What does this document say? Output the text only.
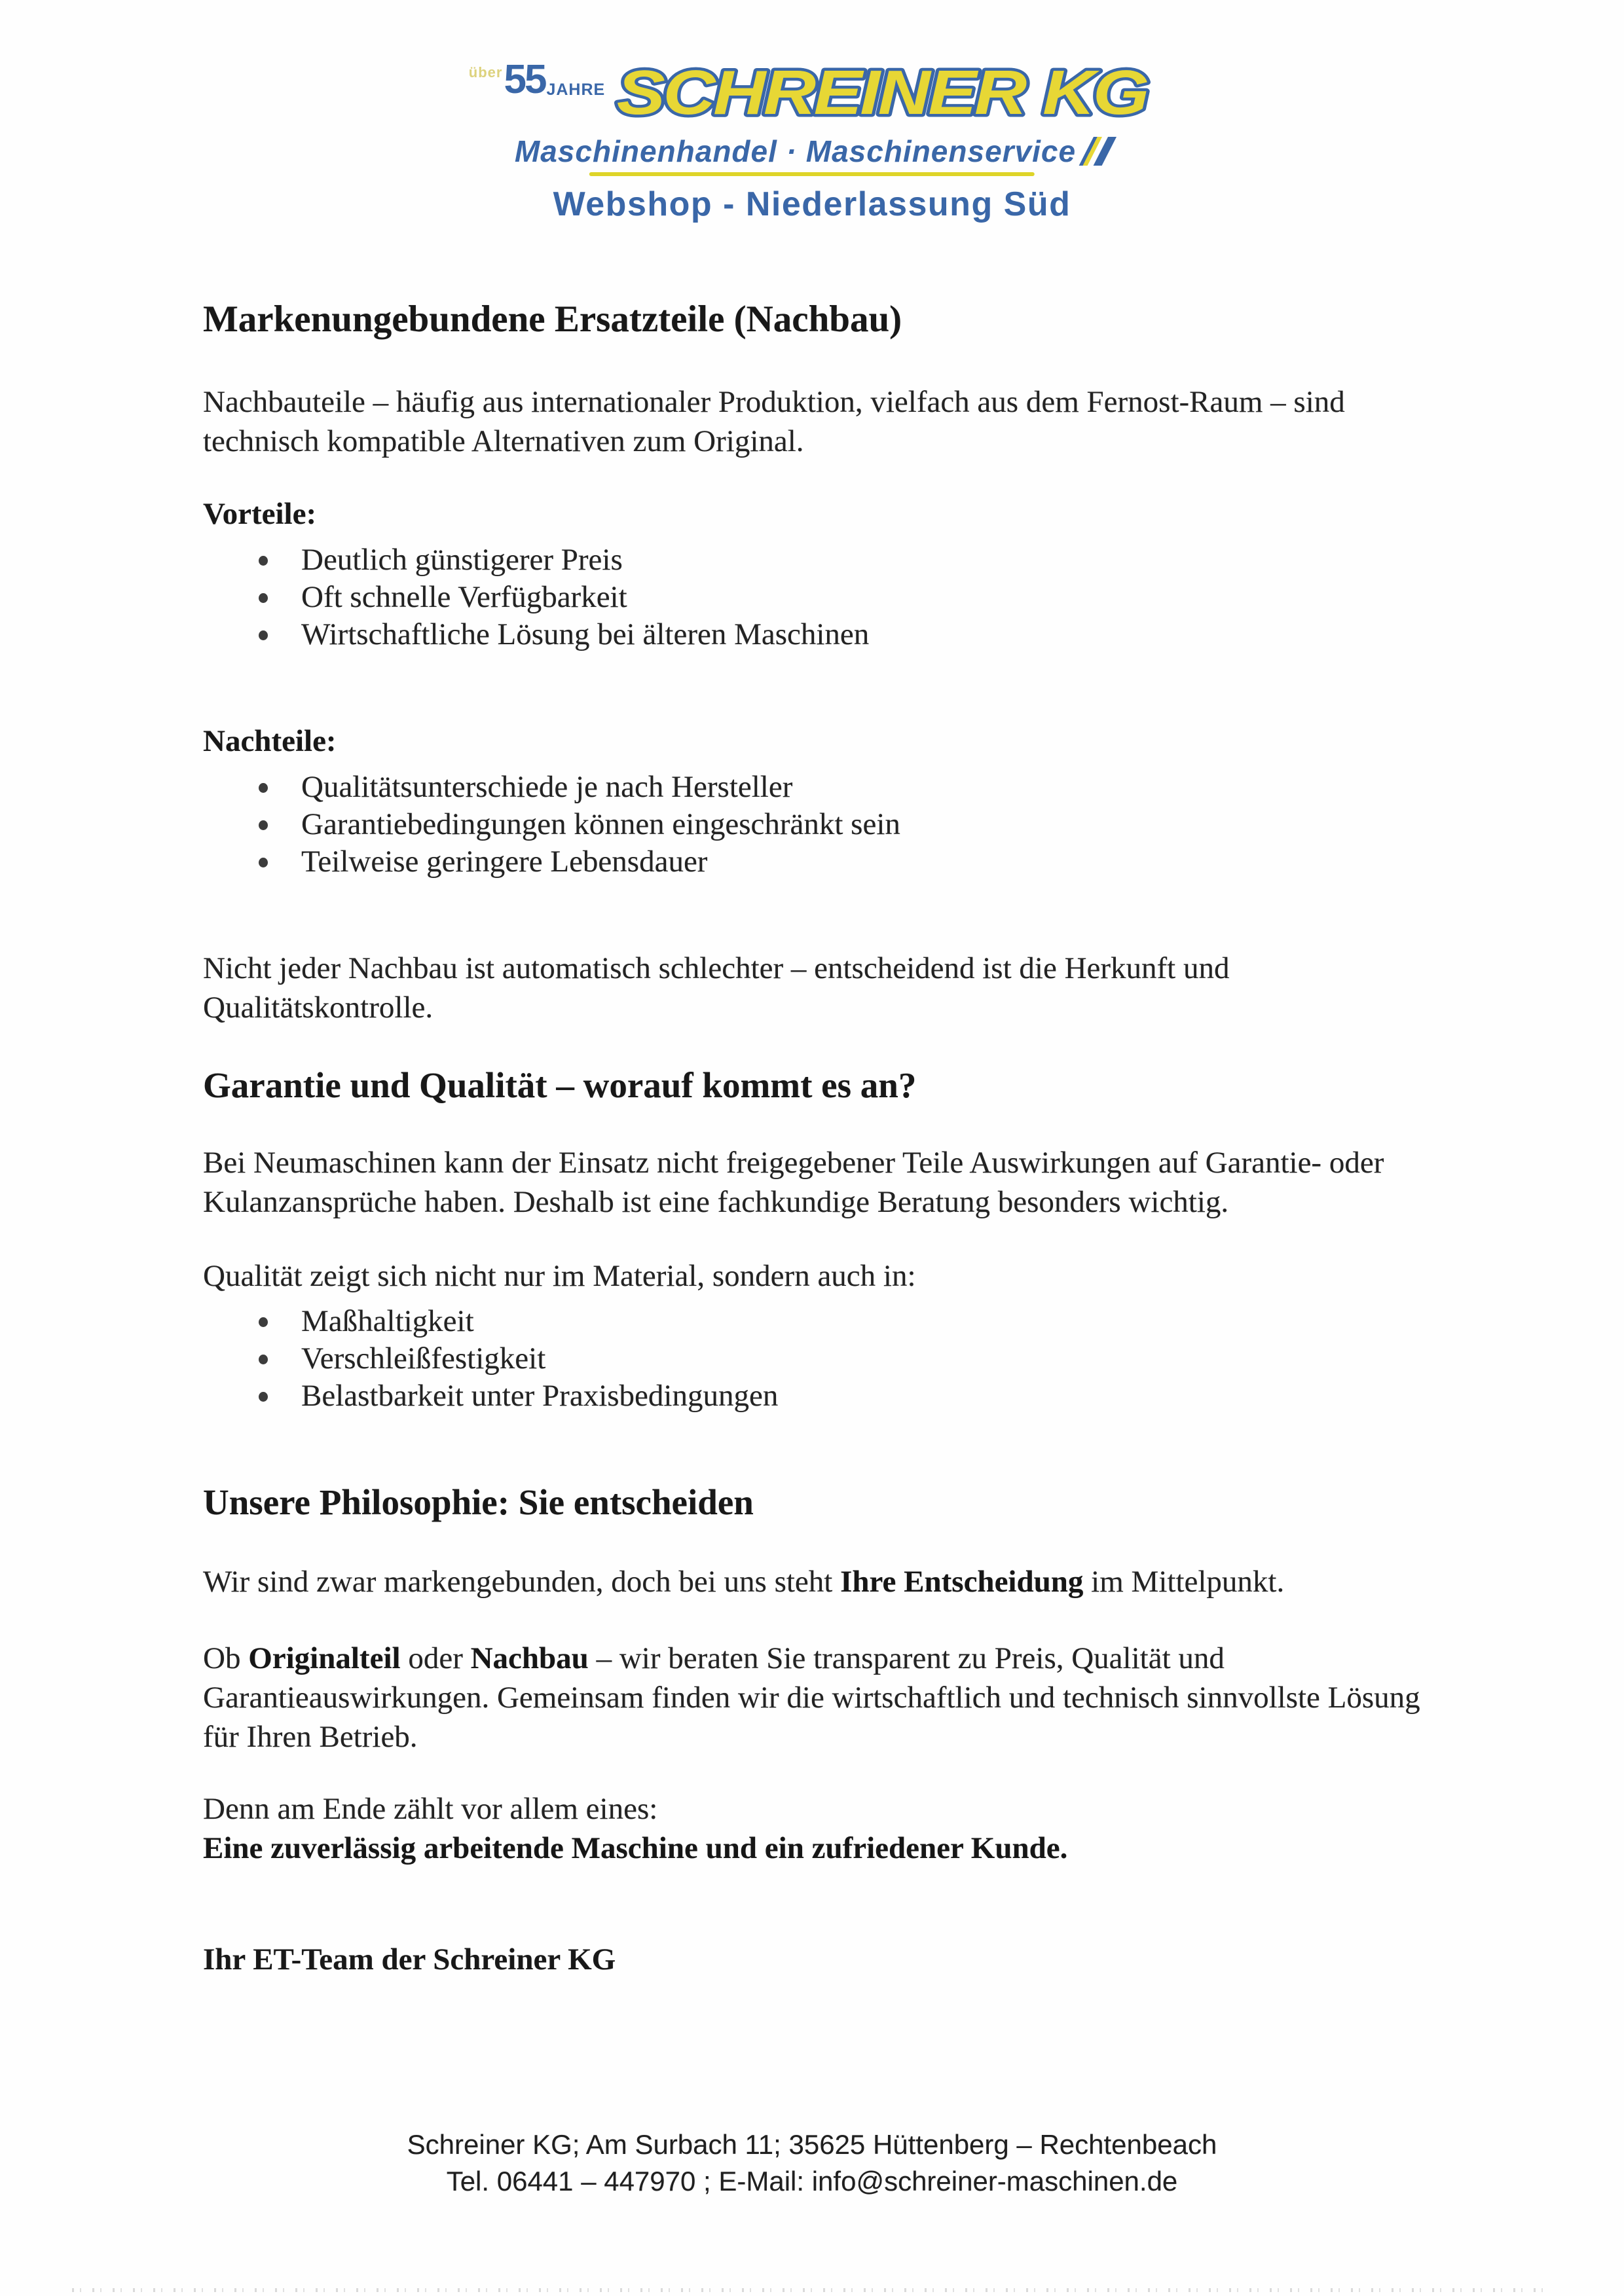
über 55 JAHRE SCHREINER KG
Maschinenhandel · Maschinenservice
Webshop - Niederlassung Süd
Markenungebundene Ersatzteile (Nachbau)

Nachbauteile – häufig aus internationaler Produktion, vielfach aus dem Fernost-Raum – sind technisch kompatible Alternativen zum Original.

Vorteile:
Deutlich günstigerer Preis
Oft schnelle Verfügbarkeit
Wirtschaftliche Lösung bei älteren Maschinen
Nachteile:
Qualitätsunterschiede je nach Hersteller
Garantiebedingungen können eingeschränkt sein
Teilweise geringere Lebensdauer

Nicht jeder Nachbau ist automatisch schlechter – entscheidend ist die Herkunft und Qualitätskontrolle.

Garantie und Qualität – worauf kommt es an?

Bei Neumaschinen kann der Einsatz nicht freigegebener Teile Auswirkungen auf Garantie- oder Kulanzansprüche haben. Deshalb ist eine fachkundige Beratung besonders wichtig.

Qualität zeigt sich nicht nur im Material, sondern auch in:

Maßhaltigkeit
Verschleißfestigkeit
Belastbarkeit unter Praxisbedingungen
Unsere Philosophie: Sie entscheiden

Wir sind zwar markengebunden, doch bei uns steht Ihre Entscheidung im Mittelpunkt.

Ob Originalteil oder Nachbau – wir beraten Sie transparent zu Preis, Qualität und Garantieauswirkungen. Gemeinsam finden wir die wirtschaftlich und technisch sinnvollste Lösung für Ihren Betrieb.

Denn am Ende zählt vor allem eines:
Eine zuverlässig arbeitende Maschine und ein zufriedener Kunde.

Ihr ET-Team der Schreiner KG

Schreiner KG; Am Surbach 11; 35625 Hüttenberg – Rechtenbeach
Tel. 06441 – 447970 ; E-Mail: info@schreiner-maschinen.de
